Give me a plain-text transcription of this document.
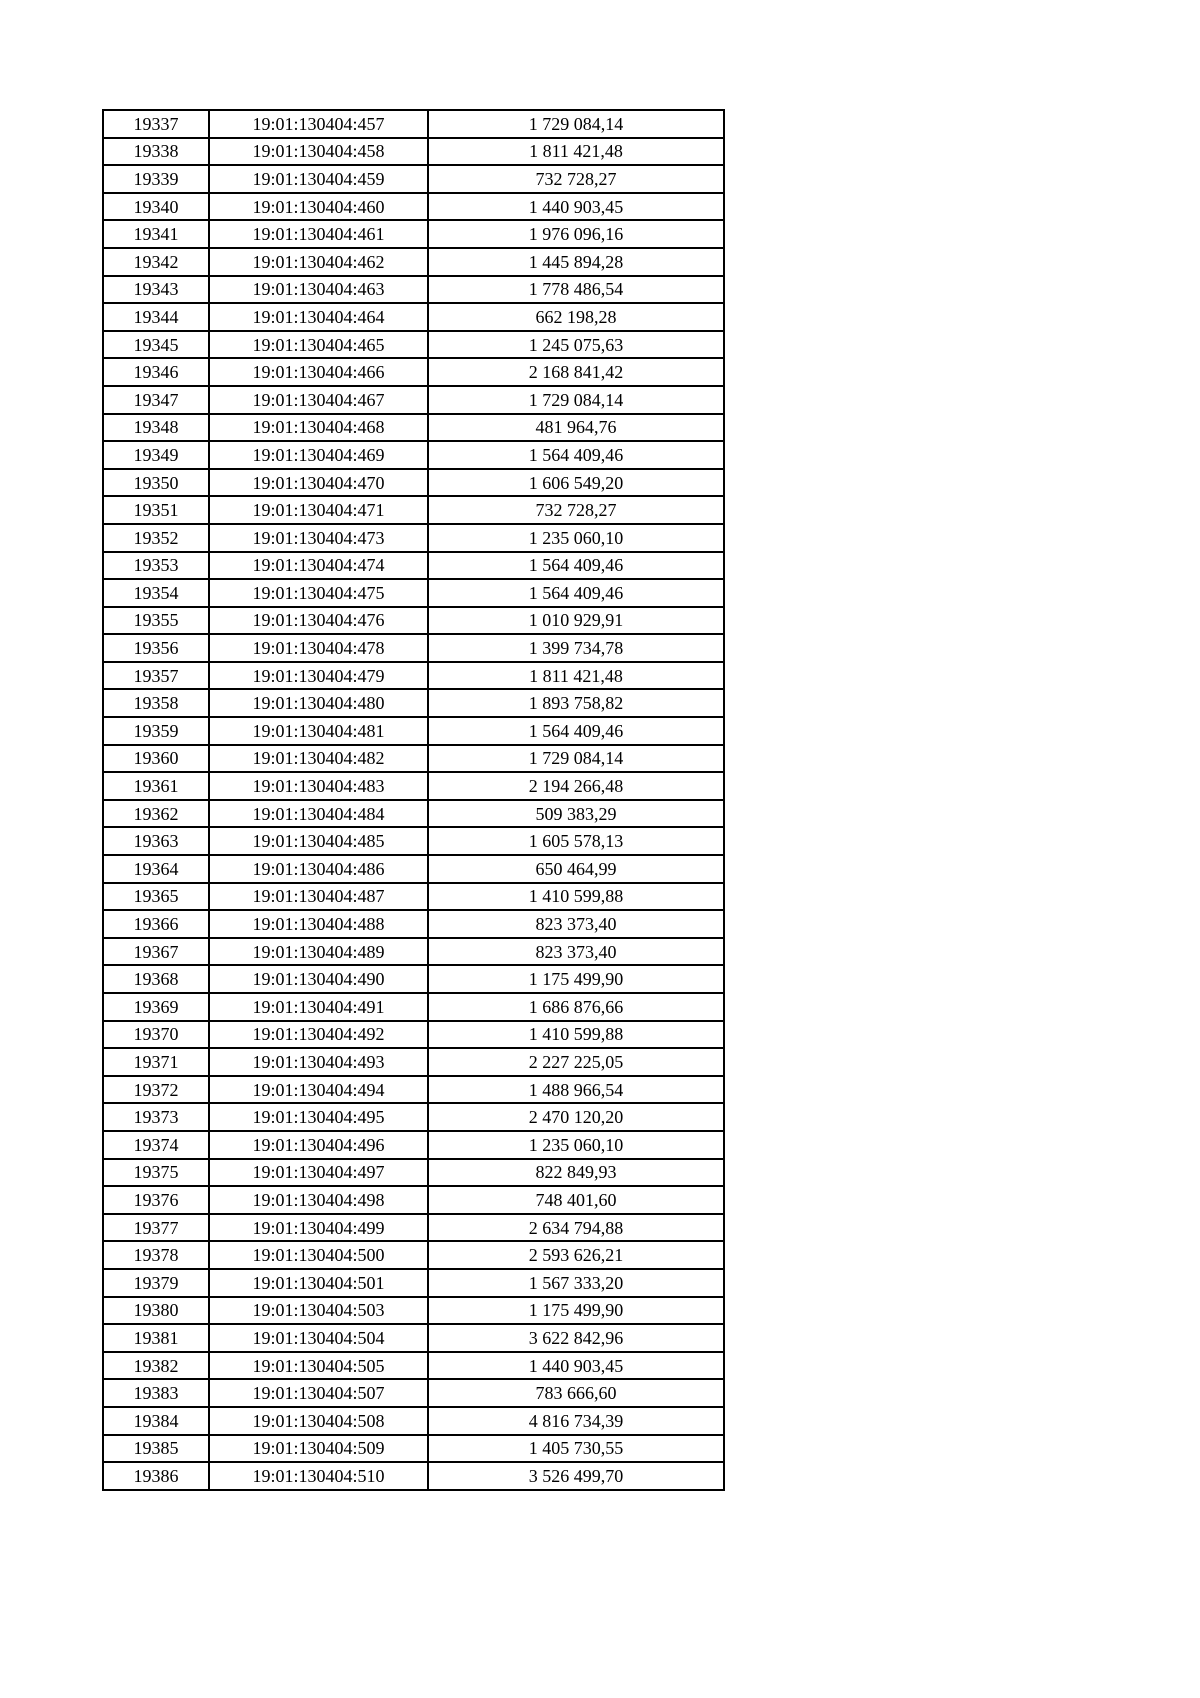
19337	19:01:130404:457	1 729 084,14
19338	19:01:130404:458	1 811 421,48
19339	19:01:130404:459	732 728,27
19340	19:01:130404:460	1 440 903,45
19341	19:01:130404:461	1 976 096,16
19342	19:01:130404:462	1 445 894,28
19343	19:01:130404:463	1 778 486,54
19344	19:01:130404:464	662 198,28
19345	19:01:130404:465	1 245 075,63
19346	19:01:130404:466	2 168 841,42
19347	19:01:130404:467	1 729 084,14
19348	19:01:130404:468	481 964,76
19349	19:01:130404:469	1 564 409,46
19350	19:01:130404:470	1 606 549,20
19351	19:01:130404:471	732 728,27
19352	19:01:130404:473	1 235 060,10
19353	19:01:130404:474	1 564 409,46
19354	19:01:130404:475	1 564 409,46
19355	19:01:130404:476	1 010 929,91
19356	19:01:130404:478	1 399 734,78
19357	19:01:130404:479	1 811 421,48
19358	19:01:130404:480	1 893 758,82
19359	19:01:130404:481	1 564 409,46
19360	19:01:130404:482	1 729 084,14
19361	19:01:130404:483	2 194 266,48
19362	19:01:130404:484	509 383,29
19363	19:01:130404:485	1 605 578,13
19364	19:01:130404:486	650 464,99
19365	19:01:130404:487	1 410 599,88
19366	19:01:130404:488	823 373,40
19367	19:01:130404:489	823 373,40
19368	19:01:130404:490	1 175 499,90
19369	19:01:130404:491	1 686 876,66
19370	19:01:130404:492	1 410 599,88
19371	19:01:130404:493	2 227 225,05
19372	19:01:130404:494	1 488 966,54
19373	19:01:130404:495	2 470 120,20
19374	19:01:130404:496	1 235 060,10
19375	19:01:130404:497	822 849,93
19376	19:01:130404:498	748 401,60
19377	19:01:130404:499	2 634 794,88
19378	19:01:130404:500	2 593 626,21
19379	19:01:130404:501	1 567 333,20
19380	19:01:130404:503	1 175 499,90
19381	19:01:130404:504	3 622 842,96
19382	19:01:130404:505	1 440 903,45
19383	19:01:130404:507	783 666,60
19384	19:01:130404:508	4 816 734,39
19385	19:01:130404:509	1 405 730,55
19386	19:01:130404:510	3 526 499,70
